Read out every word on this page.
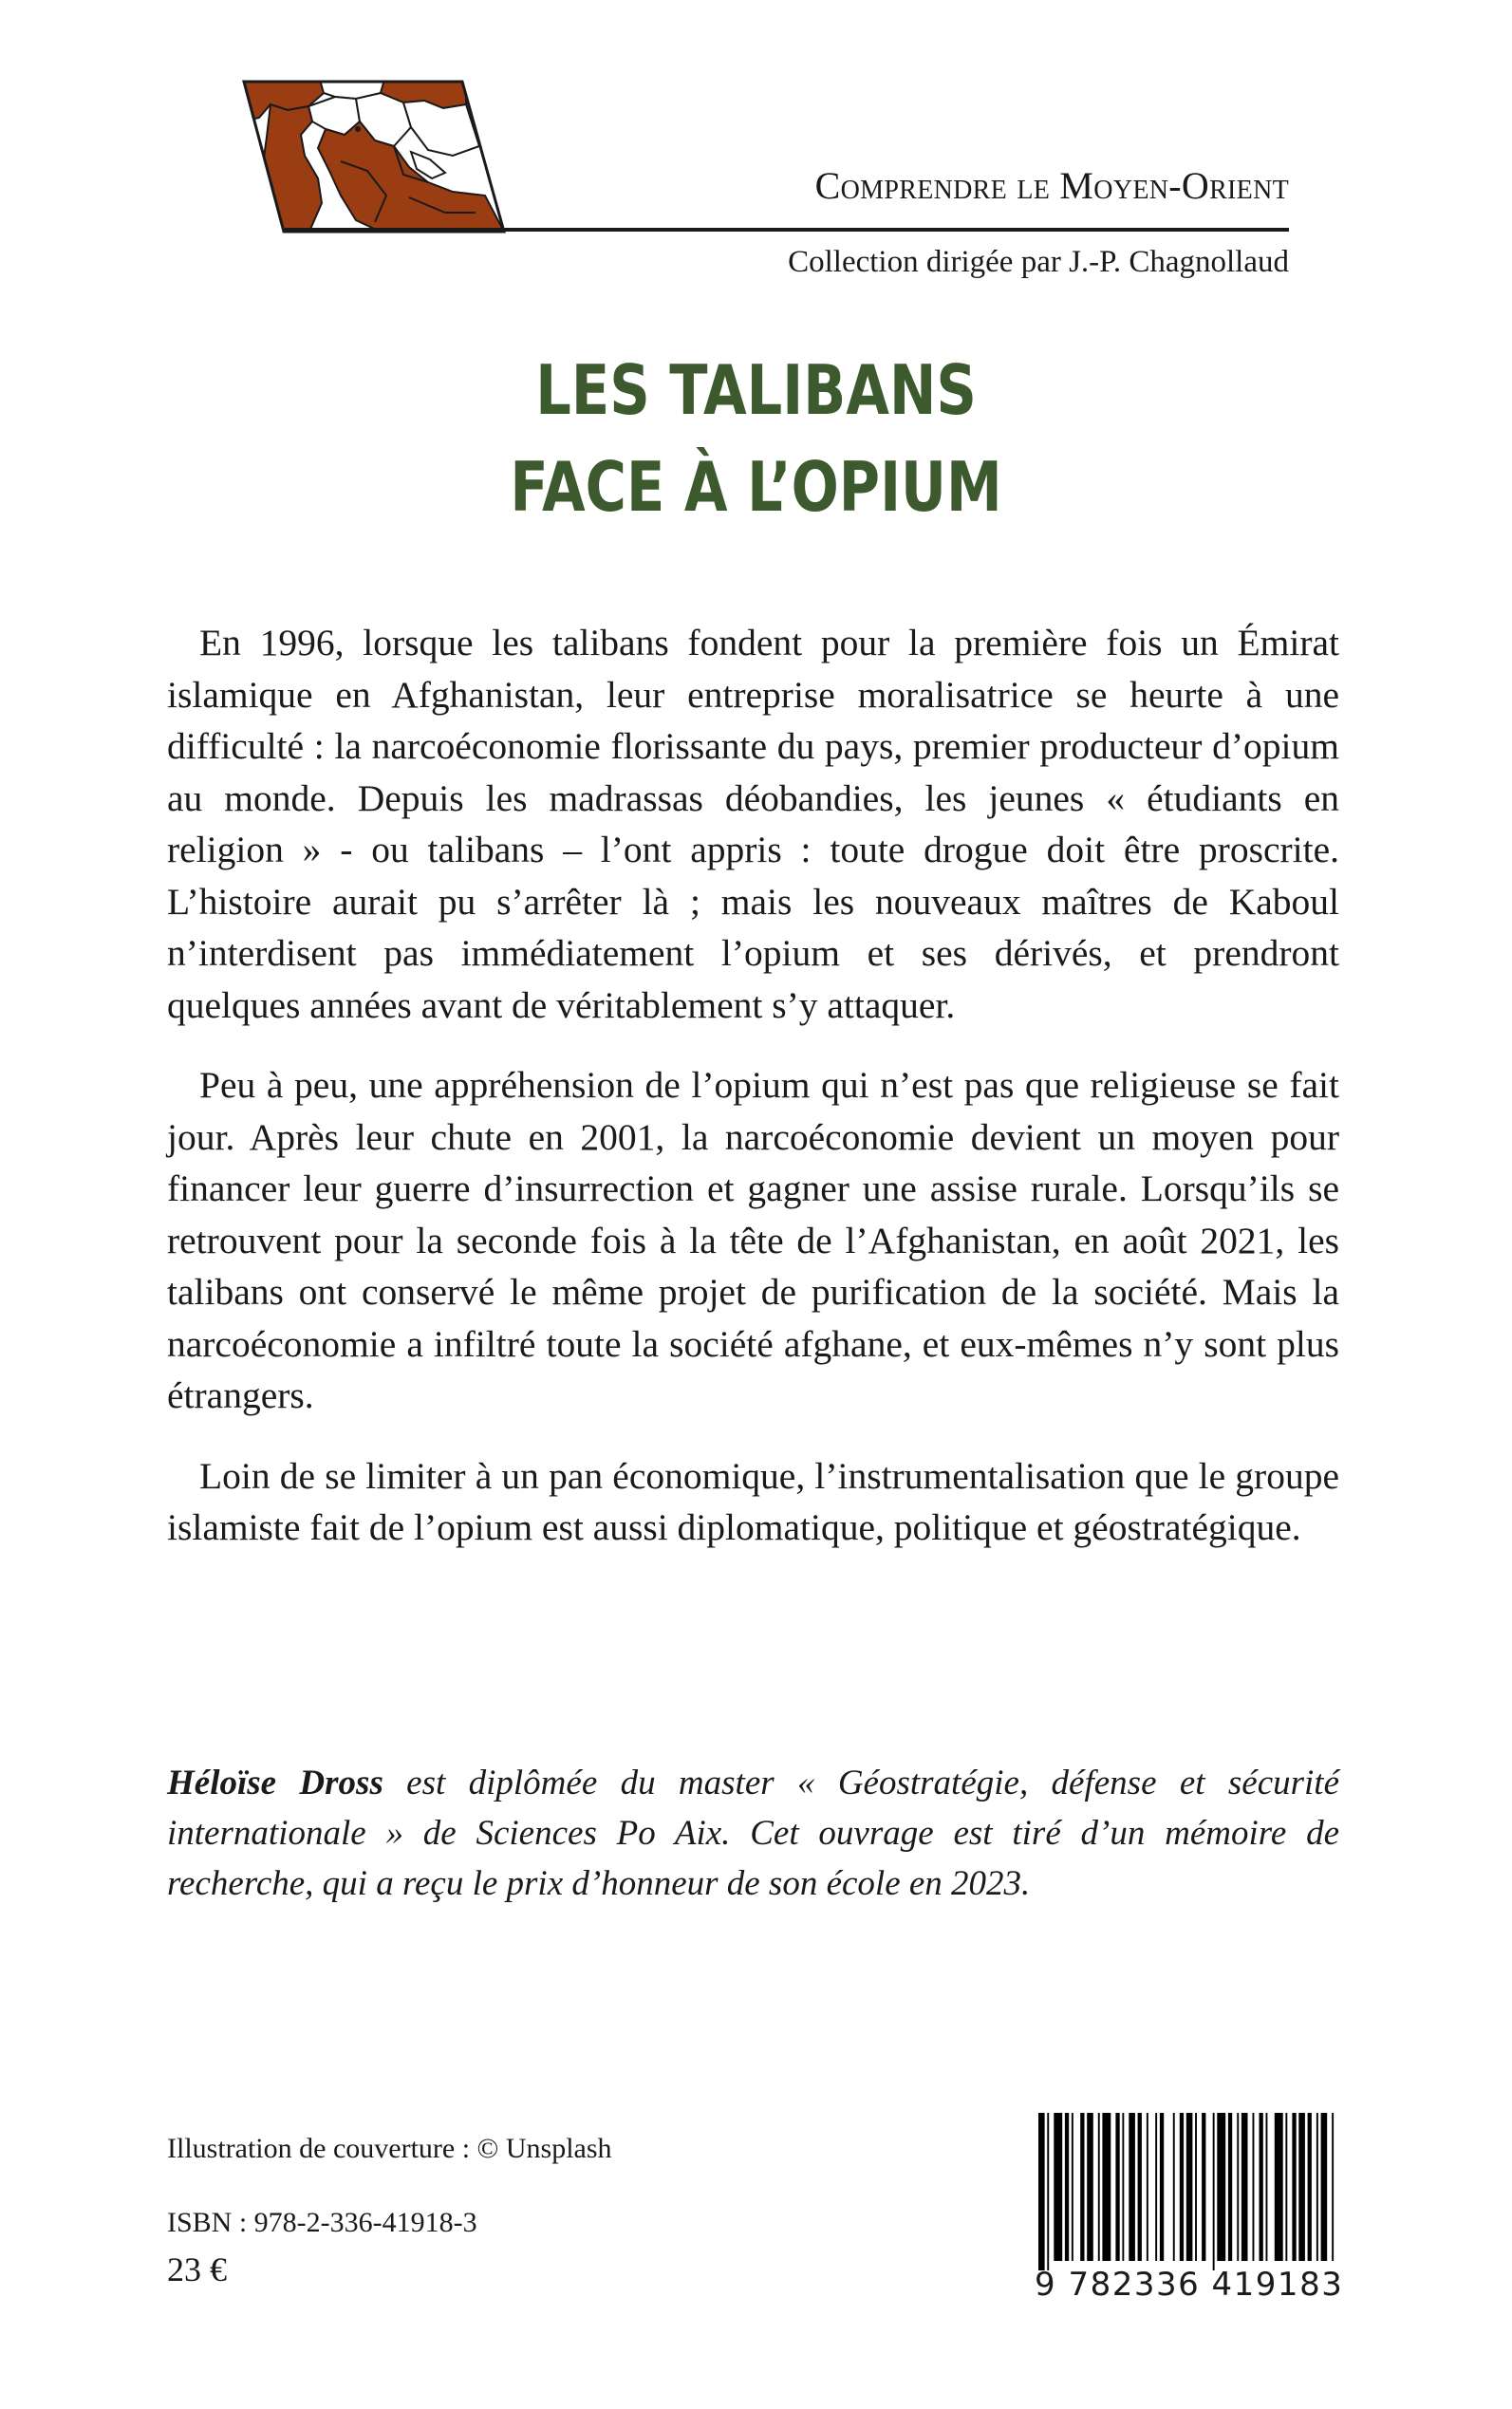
Comprendre le Moyen-Orient
Collection dirigée par J.-P. Chagnollaud
LES TALIBANS
FACE À L’OPIUM

En 1996, lorsque les talibans fondent pour la première fois un Émirat islamique en Afghanistan, leur entreprise moralisatrice se heurte à une difficulté : la narcoéconomie florissante du pays, premier producteur d’opium au monde. Depuis les madrassas déobandies, les jeunes « étudiants en religion » - ou talibans – l’ont appris : toute drogue doit être proscrite. L’histoire aurait pu s’arrêter là ; mais les nouveaux maîtres de Kaboul n’interdisent pas immédiatement l’opium et ses dérivés, et prendront quelques années avant de véritablement s’y attaquer.

Peu à peu, une appréhension de l’opium qui n’est pas que religieuse se fait jour. Après leur chute en 2001, la narcoéconomie devient un moyen pour financer leur guerre d’insurrection et gagner une assise rurale. Lorsqu’ils se retrouvent pour la seconde fois à la tête de l’Afghanistan, en août 2021, les talibans ont conservé le même projet de purification de la société. Mais la narcoéconomie a infiltré toute la société afghane, et eux-mêmes n’y sont plus étrangers.

Loin de se limiter à un pan économique, l’instrumentalisation que le groupe islamiste fait de l’opium est aussi diplomatique, politique et géostratégique.

Héloïse Dross est diplômée du master « Géostratégie, défense et sécurité internationale » de Sciences Po Aix. Cet ouvrage est tiré d’un mémoire de recherche, qui a reçu le prix d’honneur de son école en 2023.

Illustration de couverture : © Unsplash
ISBN : 978-2-336-41918-3
23 €	9 782336 419183
